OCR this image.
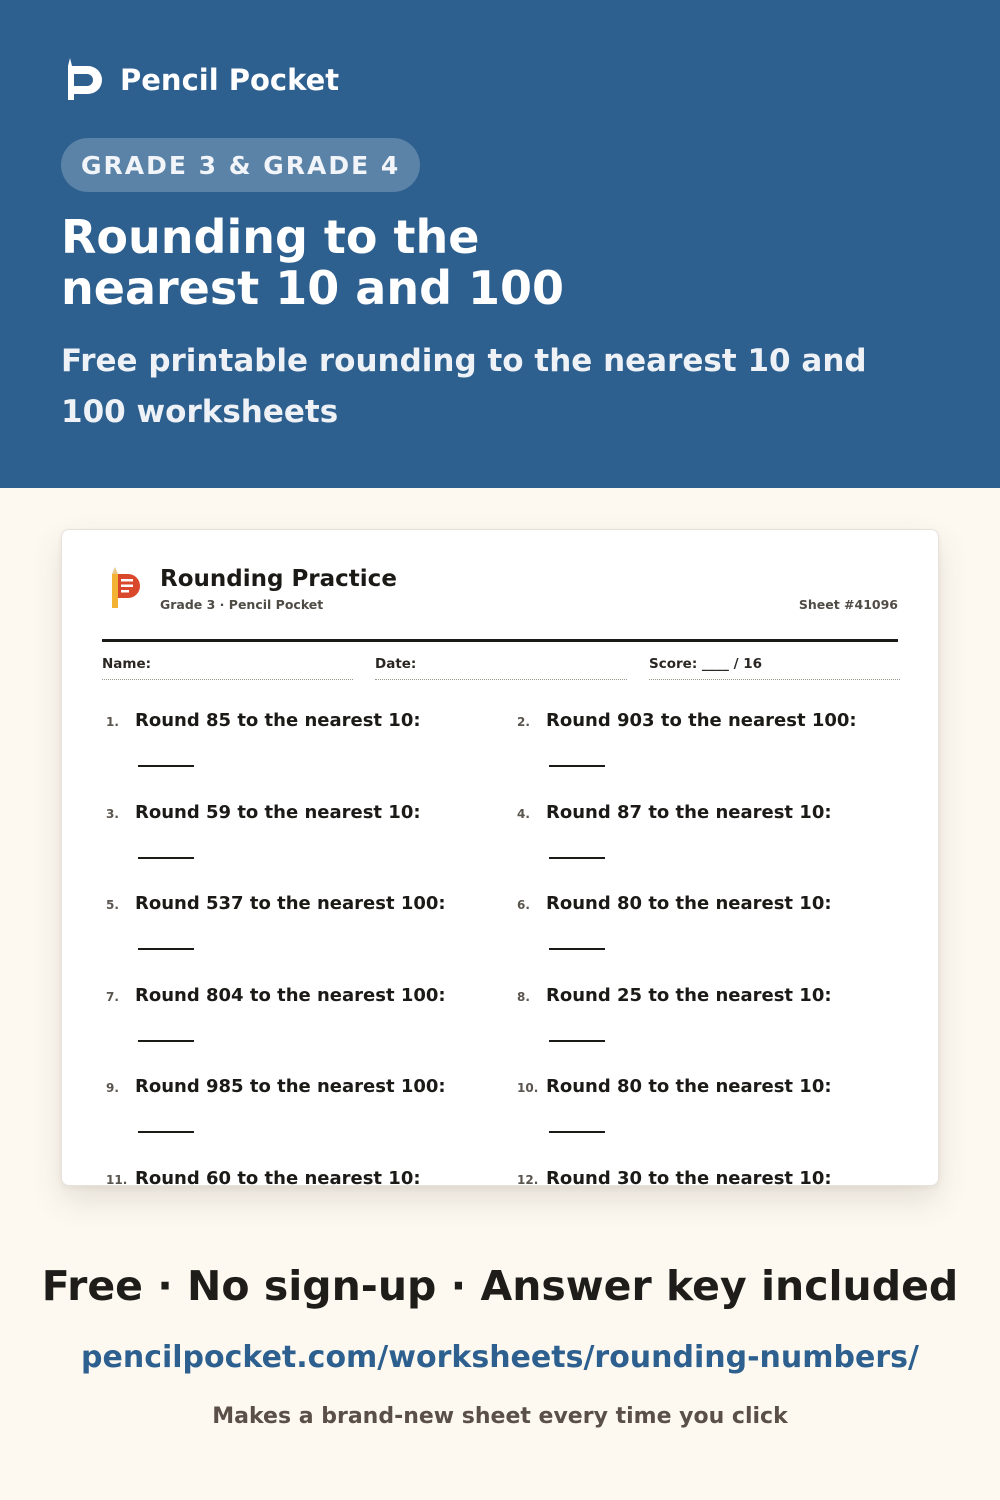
Pencil Pocket
GRADE 3 & GRADE 4
Rounding to the
nearest 10 and 100

Free printable rounding to the nearest 10 and 100 worksheets

Rounding Practice
Grade 3 · Pencil Pocket	Sheet #41096
Name:	Date:	Score: ____ / 16
1. Round 85 to the nearest 10:	2. Round 903 to the nearest 100:
3. Round 59 to the nearest 10:	4. Round 87 to the nearest 10:
5. Round 537 to the nearest 100:	6. Round 80 to the nearest 10:
7. Round 804 to the nearest 100:	8. Round 25 to the nearest 10:
9. Round 985 to the nearest 100:	10. Round 80 to the nearest 10:
11. Round 60 to the nearest 10:	12. Round 30 to the nearest 10:
Free · No sign-up · Answer key included
pencilpocket.com/worksheets/rounding-numbers/
Makes a brand-new sheet every time you click
